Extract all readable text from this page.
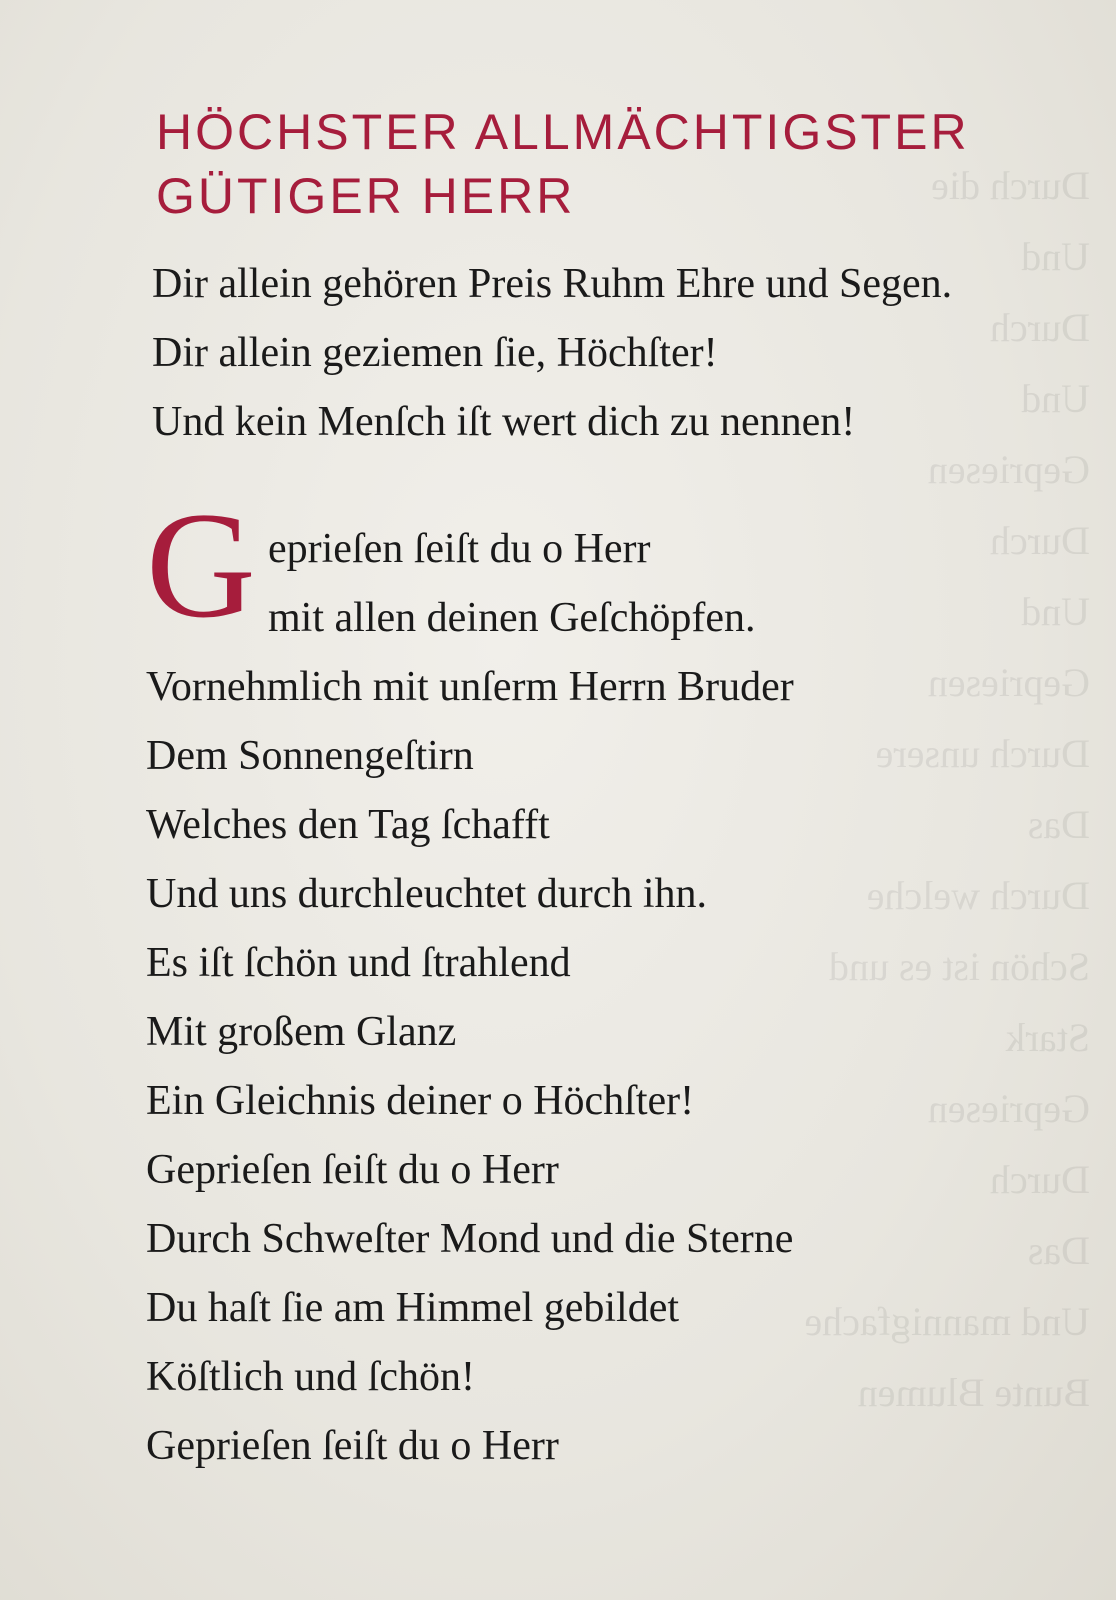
Durch die
Und
Durch
Und
Gepriesen
Durch
Und
Gepriesen
Durch unsere
Das
Durch welche
Schön ist es und
Stark
Gepriesen
Durch
Das
Und mannigfache
Bunte Blumen
HÖCHSTER ALLMÄCHTIGSTER
GÜTIGER HERR
Dir allein gehören Preis Ruhm Ehre und Segen.
Dir allein geziemen ſie, Höchſter!
Und kein Menſch iſt wert dich zu nennen!
G eprieſen ſeiſt du o Herr
mit allen deinen Geſchöpfen.
Vornehmlich mit unſerm Herrn Bruder
Dem Sonnengeſtirn
Welches den Tag ſchafft
Und uns durchleuchtet durch ihn.
Es iſt ſchön und ſtrahlend
Mit großem Glanz
Ein Gleichnis deiner o Höchſter!
Geprieſen ſeiſt du o Herr
Durch Schweſter Mond und die Sterne
Du haſt ſie am Himmel gebildet
Köſtlich und ſchön!
Geprieſen ſeiſt du o Herr
